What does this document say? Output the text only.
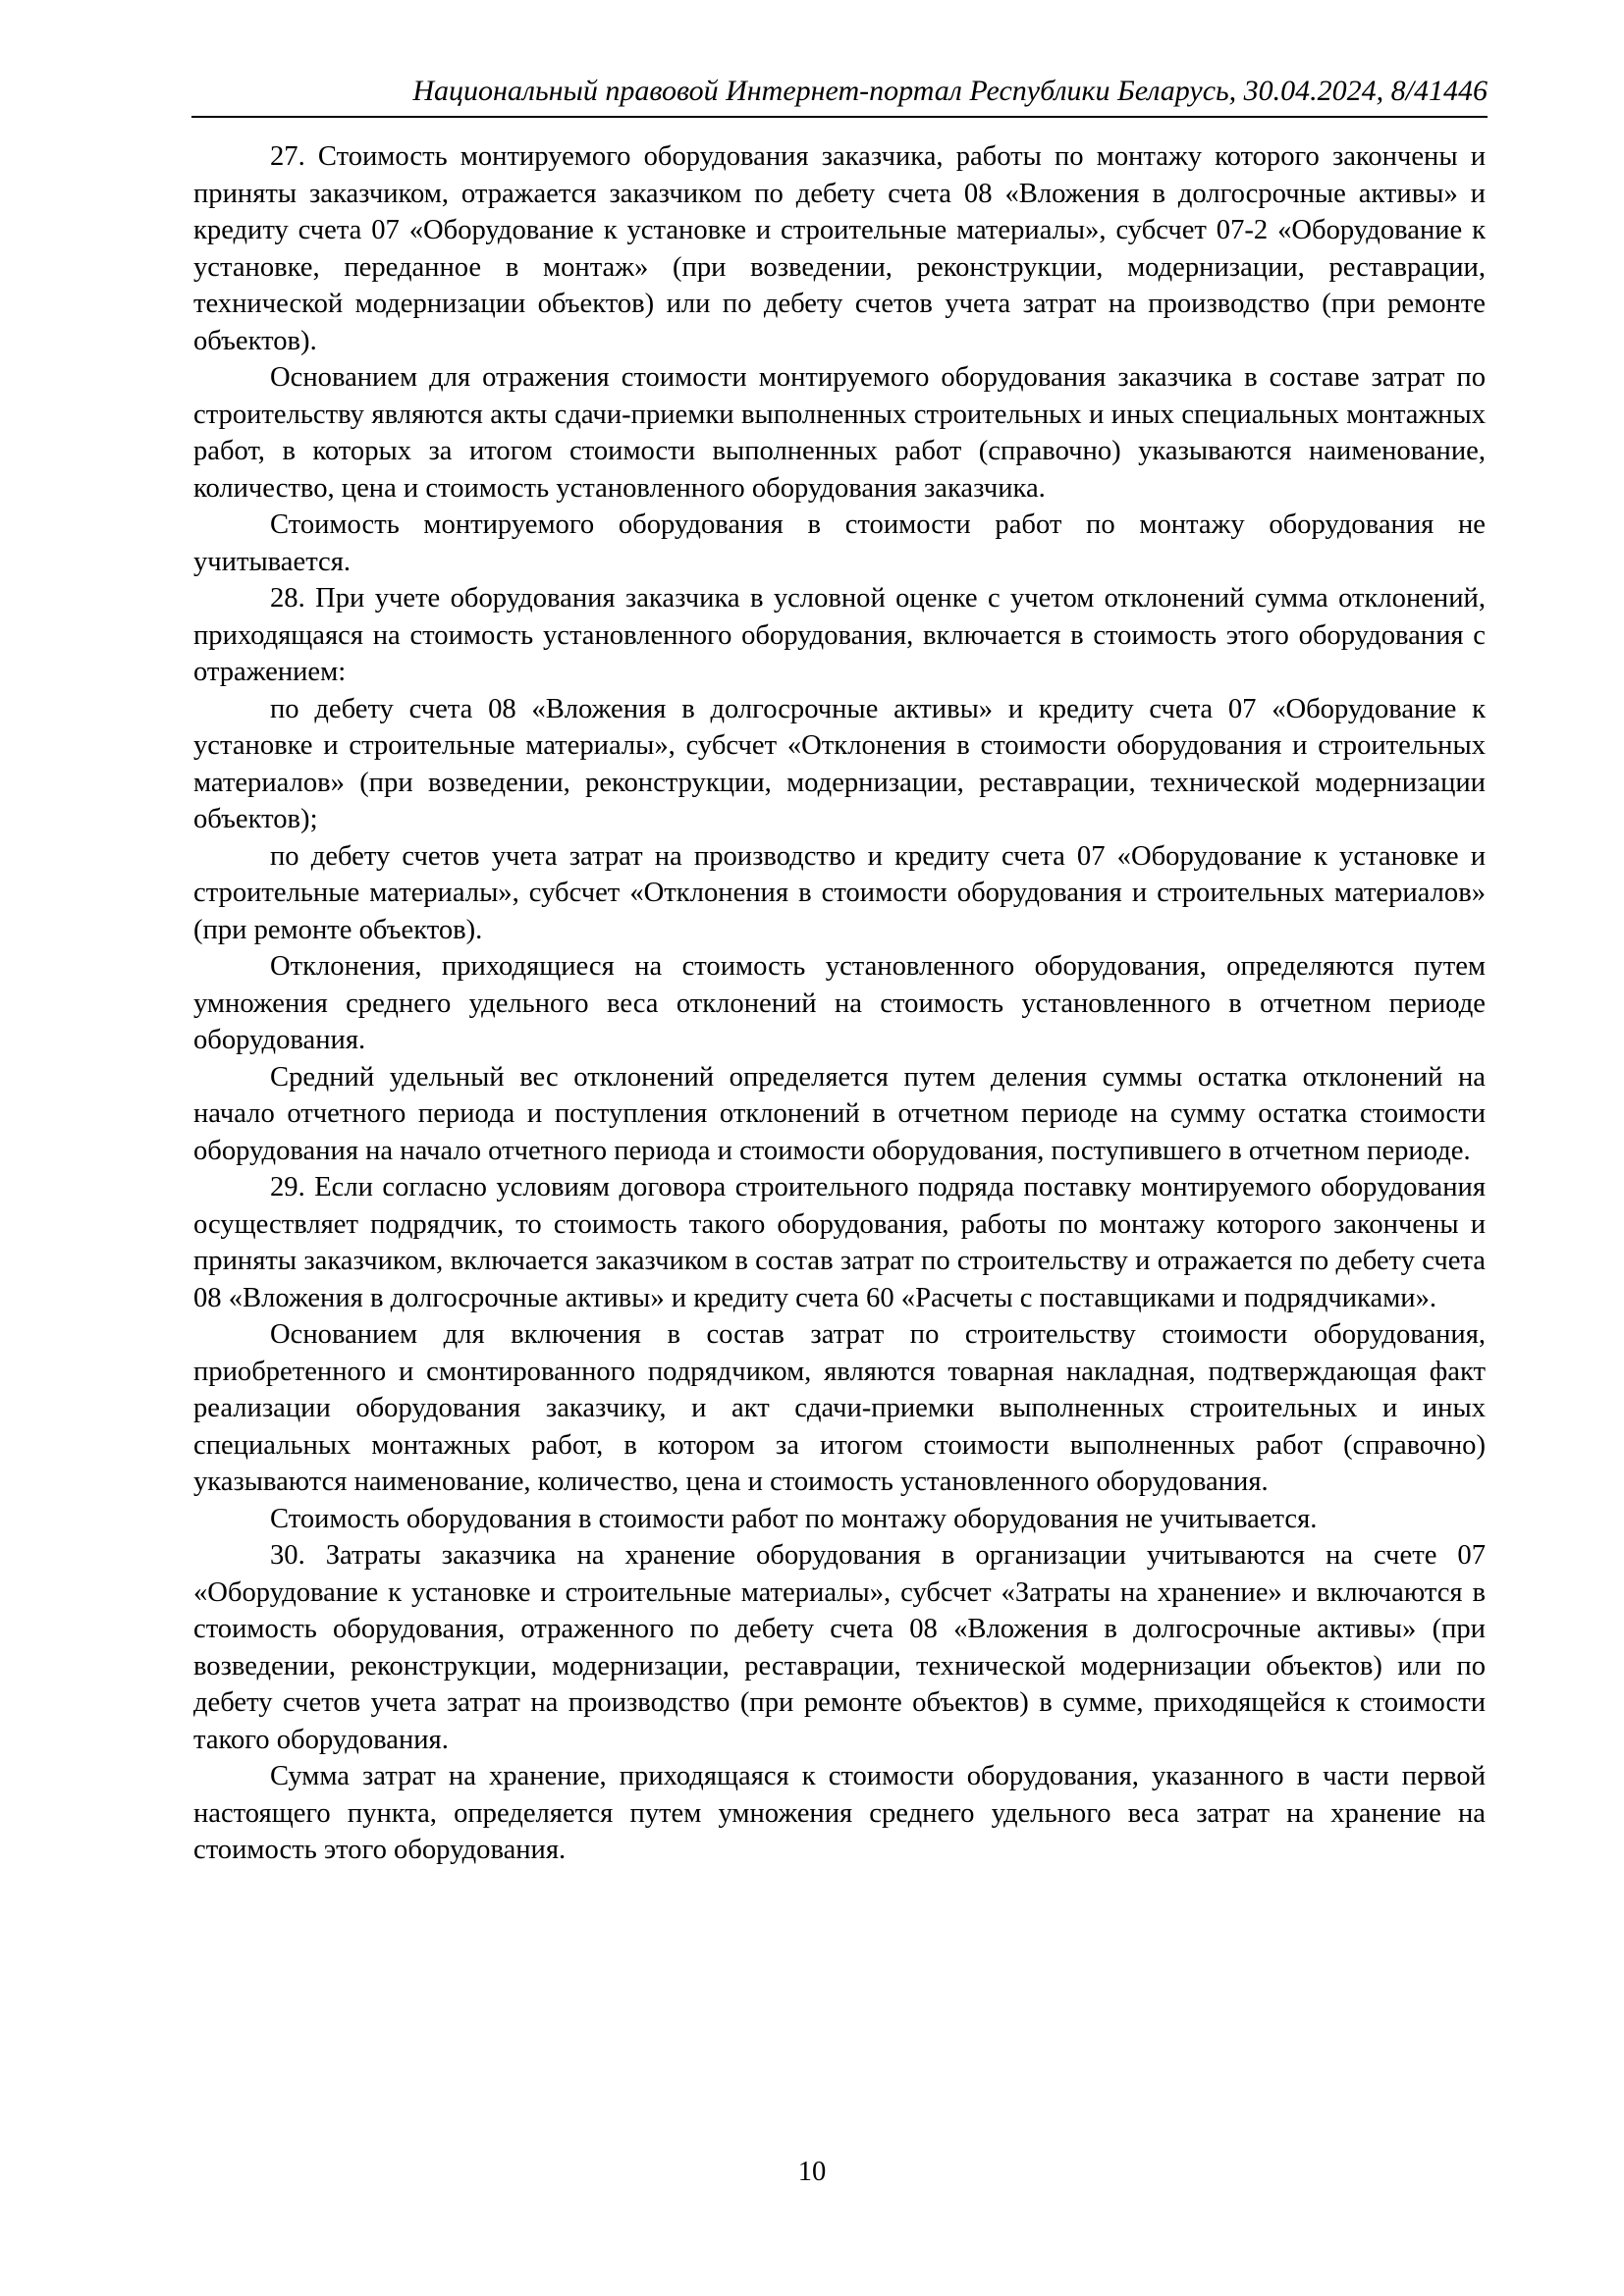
Национальный правовой Интернет-портал Республики Беларусь, 30.04.2024, 8/41446

27. Стоимость монтируемого оборудования заказчика, работы по монтажу которого закончены и приняты заказчиком, отражается заказчиком по дебету счета 08 «Вложения в долгосрочные активы» и кредиту счета 07 «Оборудование к установке и строительные материалы», субсчет 07-2 «Оборудование к установке, переданное в монтаж» (при возведении, реконструкции, модернизации, реставрации, технической модернизации объектов) или по дебету счетов учета затрат на производство (при ремонте объектов).

Основанием для отражения стоимости монтируемого оборудования заказчика в составе затрат по строительству являются акты сдачи-приемки выполненных строительных и иных специальных монтажных работ, в которых за итогом стоимости выполненных работ (справочно) указываются наименование, количество, цена и стоимость установленного оборудования заказчика.

Стоимость монтируемого оборудования в стоимости работ по монтажу оборудования не учитывается.

28. При учете оборудования заказчика в условной оценке с учетом отклонений сумма отклонений, приходящаяся на стоимость установленного оборудования, включается в стоимость этого оборудования с отражением:

по дебету счета 08 «Вложения в долгосрочные активы» и кредиту счета 07 «Оборудование к установке и строительные материалы», субсчет «Отклонения в стоимости оборудования и строительных материалов» (при возведении, реконструкции, модернизации, реставрации, технической модернизации объектов);

по дебету счетов учета затрат на производство и кредиту счета 07 «Оборудование к установке и строительные материалы», субсчет «Отклонения в стоимости оборудования и строительных материалов» (при ремонте объектов).

Отклонения, приходящиеся на стоимость установленного оборудования, определяются путем умножения среднего удельного веса отклонений на стоимость установленного в отчетном периоде оборудования.

Средний удельный вес отклонений определяется путем деления суммы остатка отклонений на начало отчетного периода и поступления отклонений в отчетном периоде на сумму остатка стоимости оборудования на начало отчетного периода и стоимости оборудования, поступившего в отчетном периоде.

29. Если согласно условиям договора строительного подряда поставку монтируемого оборудования осуществляет подрядчик, то стоимость такого оборудования, работы по монтажу которого закончены и приняты заказчиком, включается заказчиком в состав затрат по строительству и отражается по дебету счета 08 «Вложения в долгосрочные активы» и кредиту счета 60 «Расчеты с поставщиками и подрядчиками».

Основанием для включения в состав затрат по строительству стоимости оборудования, приобретенного и смонтированного подрядчиком, являются товарная накладная, подтверждающая факт реализации оборудования заказчику, и акт сдачи-приемки выполненных строительных и иных специальных монтажных работ, в котором за итогом стоимости выполненных работ (справочно) указываются наименование, количество, цена и стоимость установленного оборудования.

Стоимость оборудования в стоимости работ по монтажу оборудования не учитывается.

30. Затраты заказчика на хранение оборудования в организации учитываются на счете 07 «Оборудование к установке и строительные материалы», субсчет «Затраты на хранение» и включаются в стоимость оборудования, отраженного по дебету счета 08 «Вложения в долгосрочные активы» (при возведении, реконструкции, модернизации, реставрации, технической модернизации объектов) или по дебету счетов учета затрат на производство (при ремонте объектов) в сумме, приходящейся к стоимости такого оборудования.

Сумма затрат на хранение, приходящаяся к стоимости оборудования, указанного в части первой настоящего пункта, определяется путем умножения среднего удельного веса затрат на хранение на стоимость этого оборудования.

10
